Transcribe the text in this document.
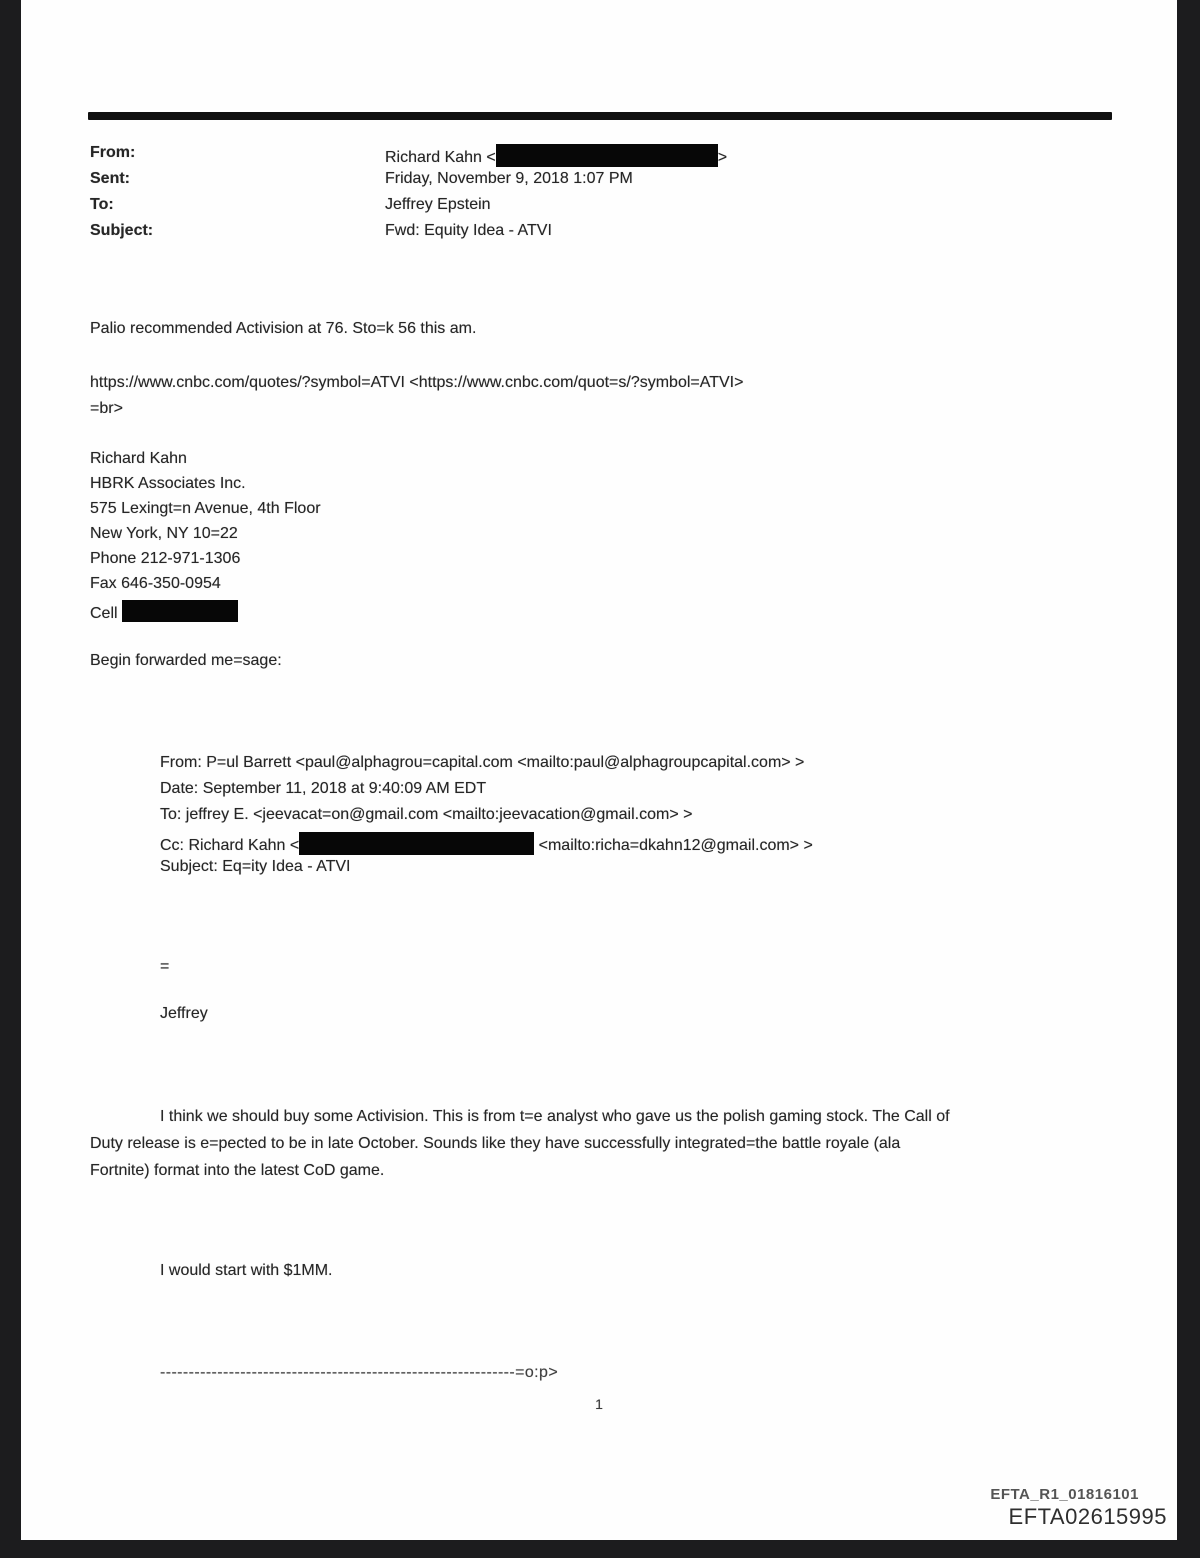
From:	Richard Kahn <	>
Sent:	Friday, November 9, 2018 1:07 PM
To:	Jeffrey Epstein
Subject:	Fwd: Equity Idea - ATVI
Palio recommended Activision at 76. Sto=k 56 this am.
https://www.cnbc.com/quotes/?symbol=ATVI <https://www.cnbc.com/quot=s/?symbol=ATVI>
=br>
Richard Kahn
HBRK Associates Inc.
575 Lexingt=n Avenue, 4th Floor
New York, NY 10=22
Phone 212-971-1306
Fax 646-350-0954
Cell
Begin forwarded me=sage:
From: P=ul Barrett <paul@alphagrou=capital.com <mailto:paul@alphagroupcapital.com> >
Date: September 11, 2018 at 9:40:09 AM EDT
To: jeffrey E. <jeevacat=on@gmail.com <mailto:jeevacation@gmail.com> >
Cc: Richard Kahn <	<mailto:richa=dkahn12@gmail.com> >
Subject: Eq=ity Idea - ATVI
=
Jeffrey
I think we should buy some Activision. This is from t=e analyst who gave us the polish gaming stock. The Call of
Duty release is e=pected to be in late October. Sounds like they have successfully integrated=the battle royale (ala
Fortnite) format into the latest CoD game.
I would start with $1MM.
--------------------------------------------------------------=o:p>
1
EFTA_R1_01816101
EFTA02615995
